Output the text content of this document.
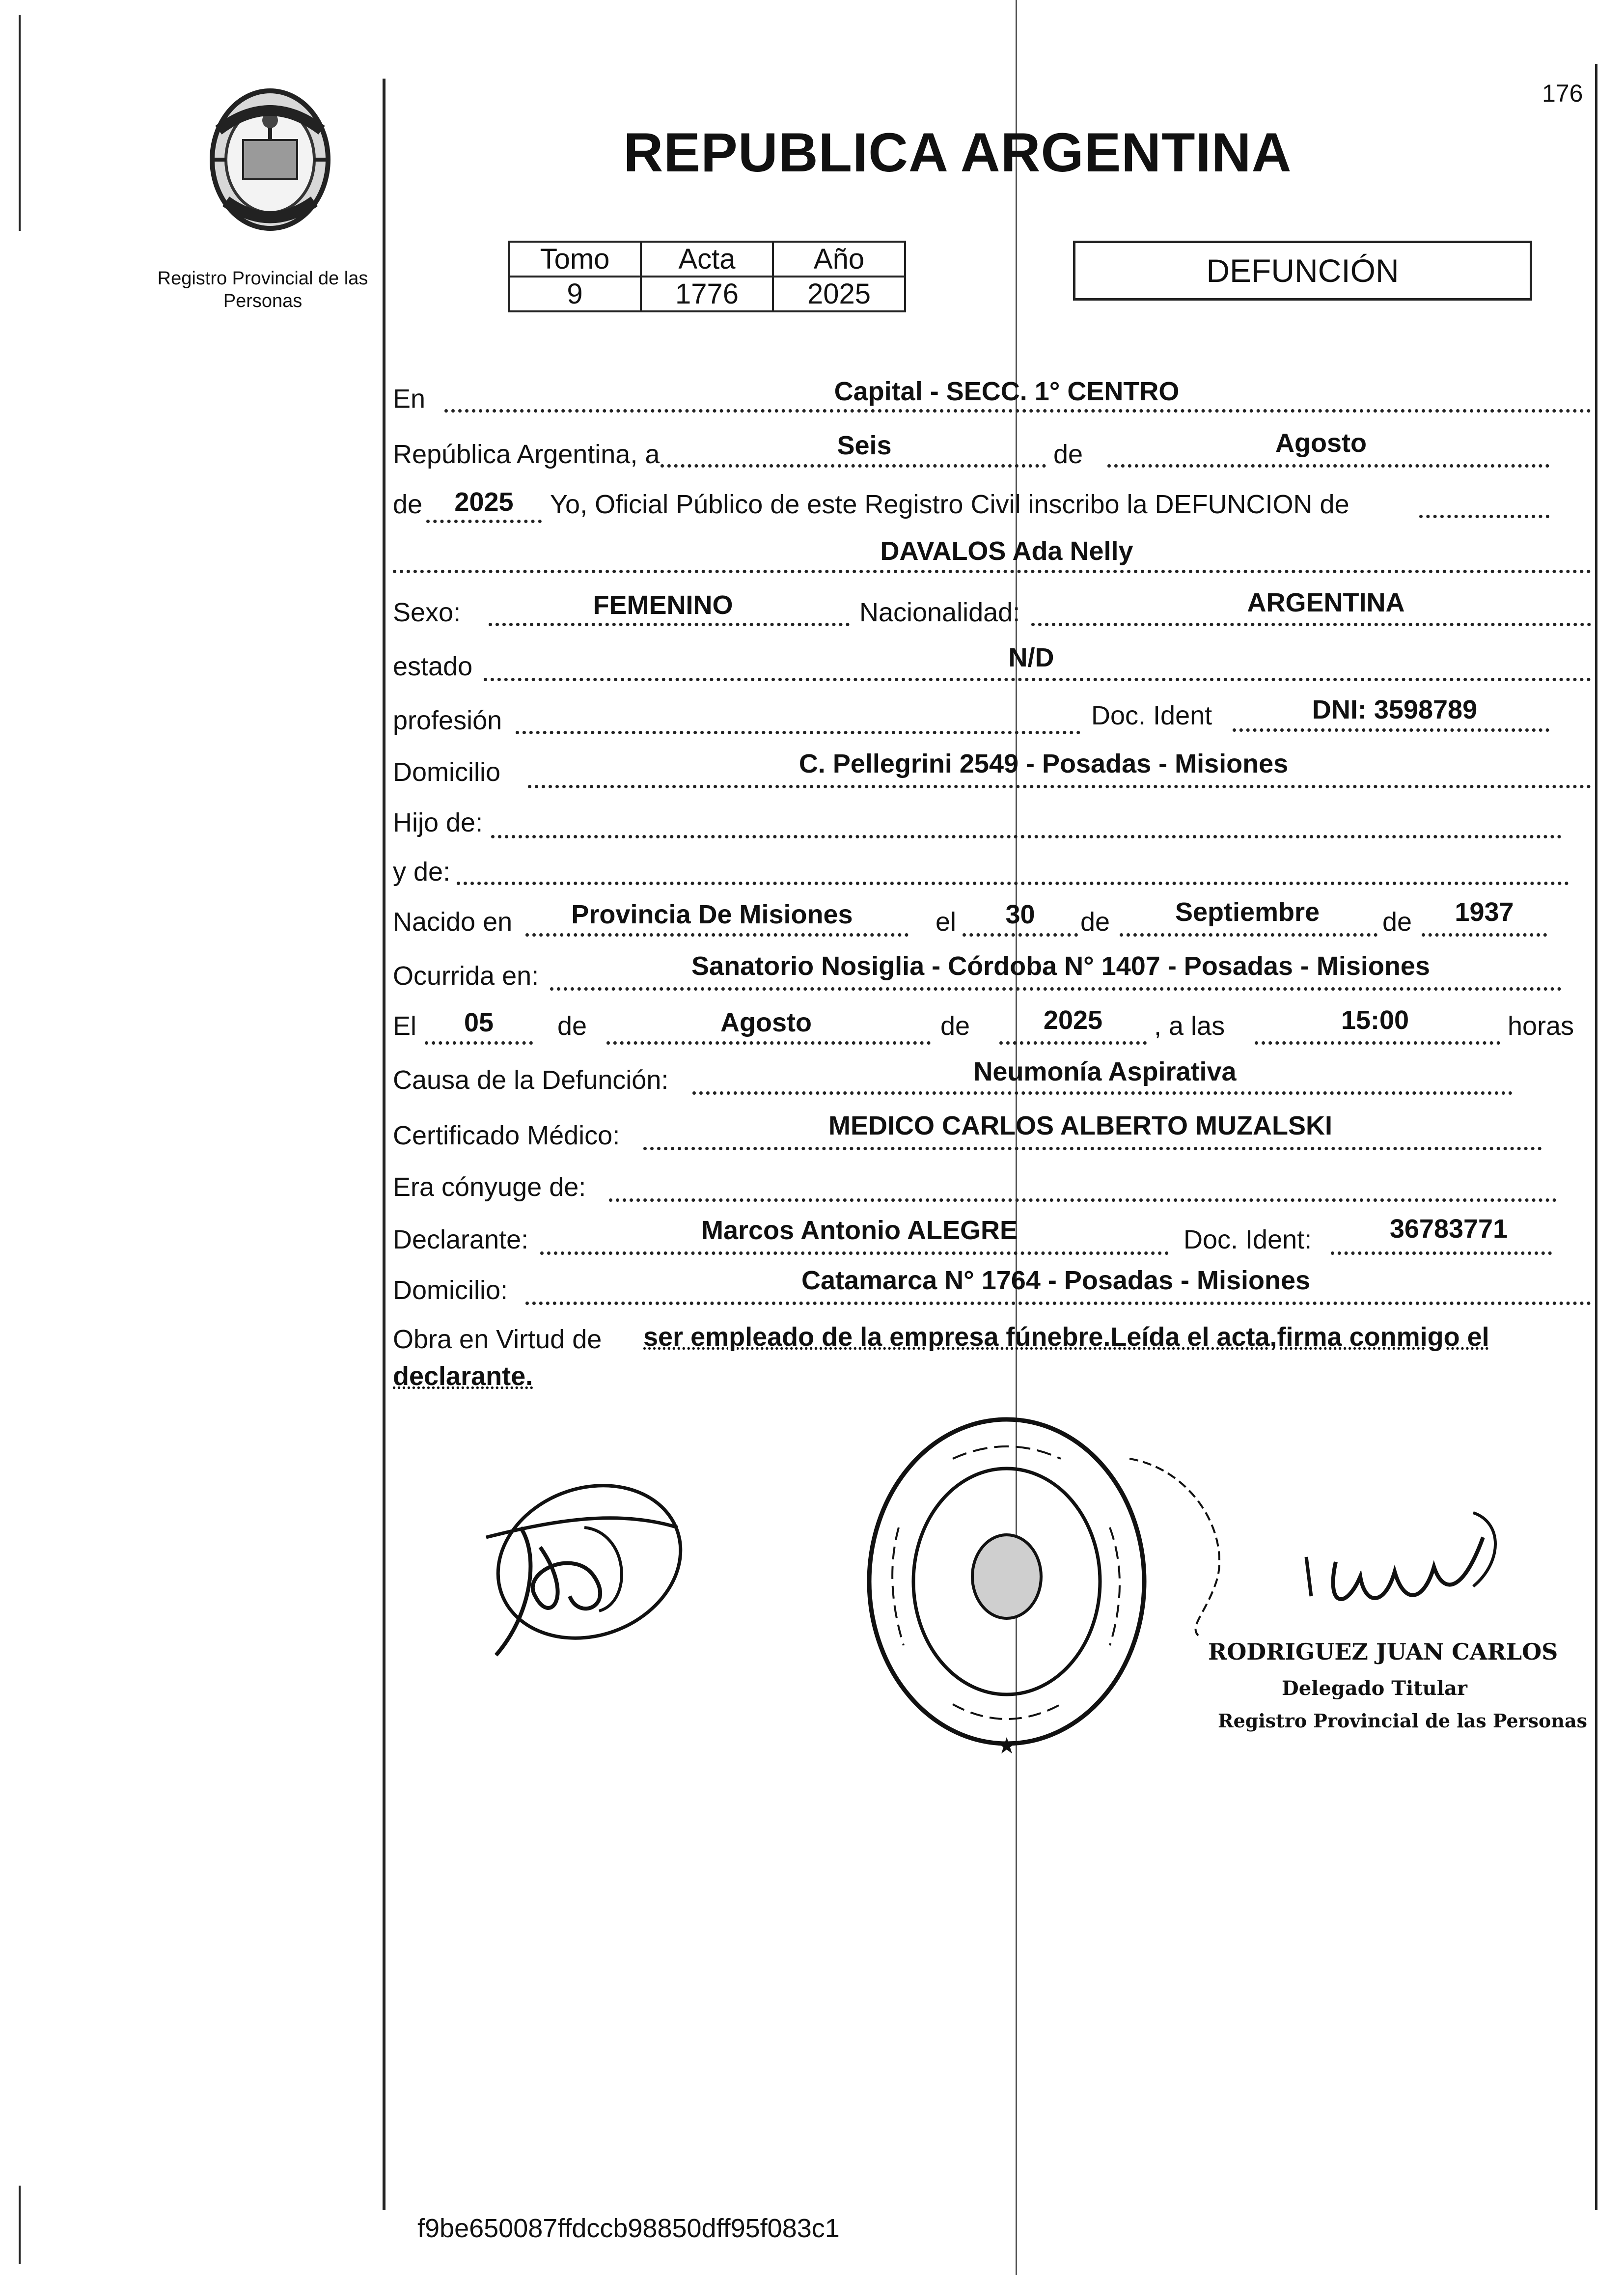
176
Registro Provincial de las Personas
REPUBLICA ARGENTINA
Tomo	Acta	Año
9	1776	2025
DEFUNCIÓN
En	Capital - SECC. 1° CENTRO
República Argentina, a	Seis	de	Agosto
de	2025	Yo, Oficial Público de este Registro Civil inscribo la DEFUNCION de
DAVALOS Ada Nelly
Sexo:	FEMENINO	Nacionalidad:	ARGENTINA
estado	N/D
profesión	Doc. Ident	DNI: 3598789
Domicilio	C. Pellegrini 2549 - Posadas - Misiones
Hijo de:
y de:
Nacido en	Provincia De Misiones	el	30	de	Septiembre	de	1937
Ocurrida en:	Sanatorio Nosiglia - Córdoba N° 1407 - Posadas - Misiones
El	05	de	Agosto	de	2025	, a las	15:00	horas
Causa de la Defunción:	Neumonía Aspirativa
Certificado Médico:	MEDICO CARLOS ALBERTO MUZALSKI
Era cónyuge de:
Declarante:	Marcos Antonio ALEGRE	Doc. Ident:	36783771
Domicilio:	Catamarca N° 1764 - Posadas - Misiones
Obra en Virtud de ser empleado de la empresa fúnebre.Leída el acta,firma conmigo el
declarante.
★
RODRIGUEZ JUAN CARLOS
Delegado Titular
Registro Provincial de las Personas
f9be650087ffdccb98850dff95f083c1
